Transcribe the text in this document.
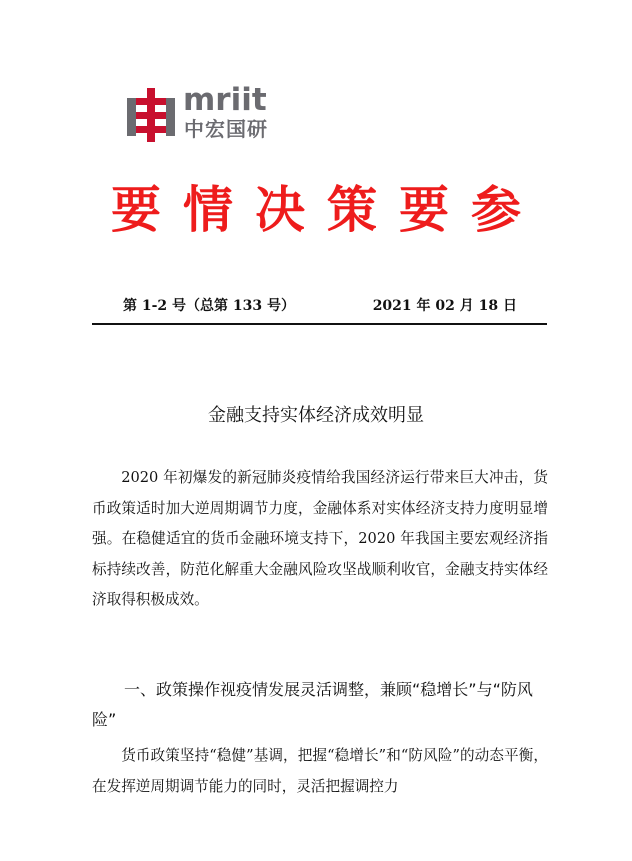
mriit
中宏国研
要情决策要参
第 1-2 号（总第 133 号）	2021 年 02 月 18 日
金融支持实体经济成效明显
2020 年初爆发的新冠肺炎疫情给我国经济运行带来巨大冲击，货币政策适时加大逆周期调节力度，金融体系对实体经济支持力度明显增强。在稳健适宜的货币金融环境支持下，2020 年我国主要宏观经济指标持续改善，防范化解重大金融风险攻坚战顺利收官，金融支持实体经济取得积极成效。
一、政策操作视疫情发展灵活调整，兼顾“稳增长”与“防风险”
货币政策坚持“稳健”基调，把握“稳增长”和“防风险”的动态平衡，在发挥逆周期调节能力的同时，灵活把握调控力
